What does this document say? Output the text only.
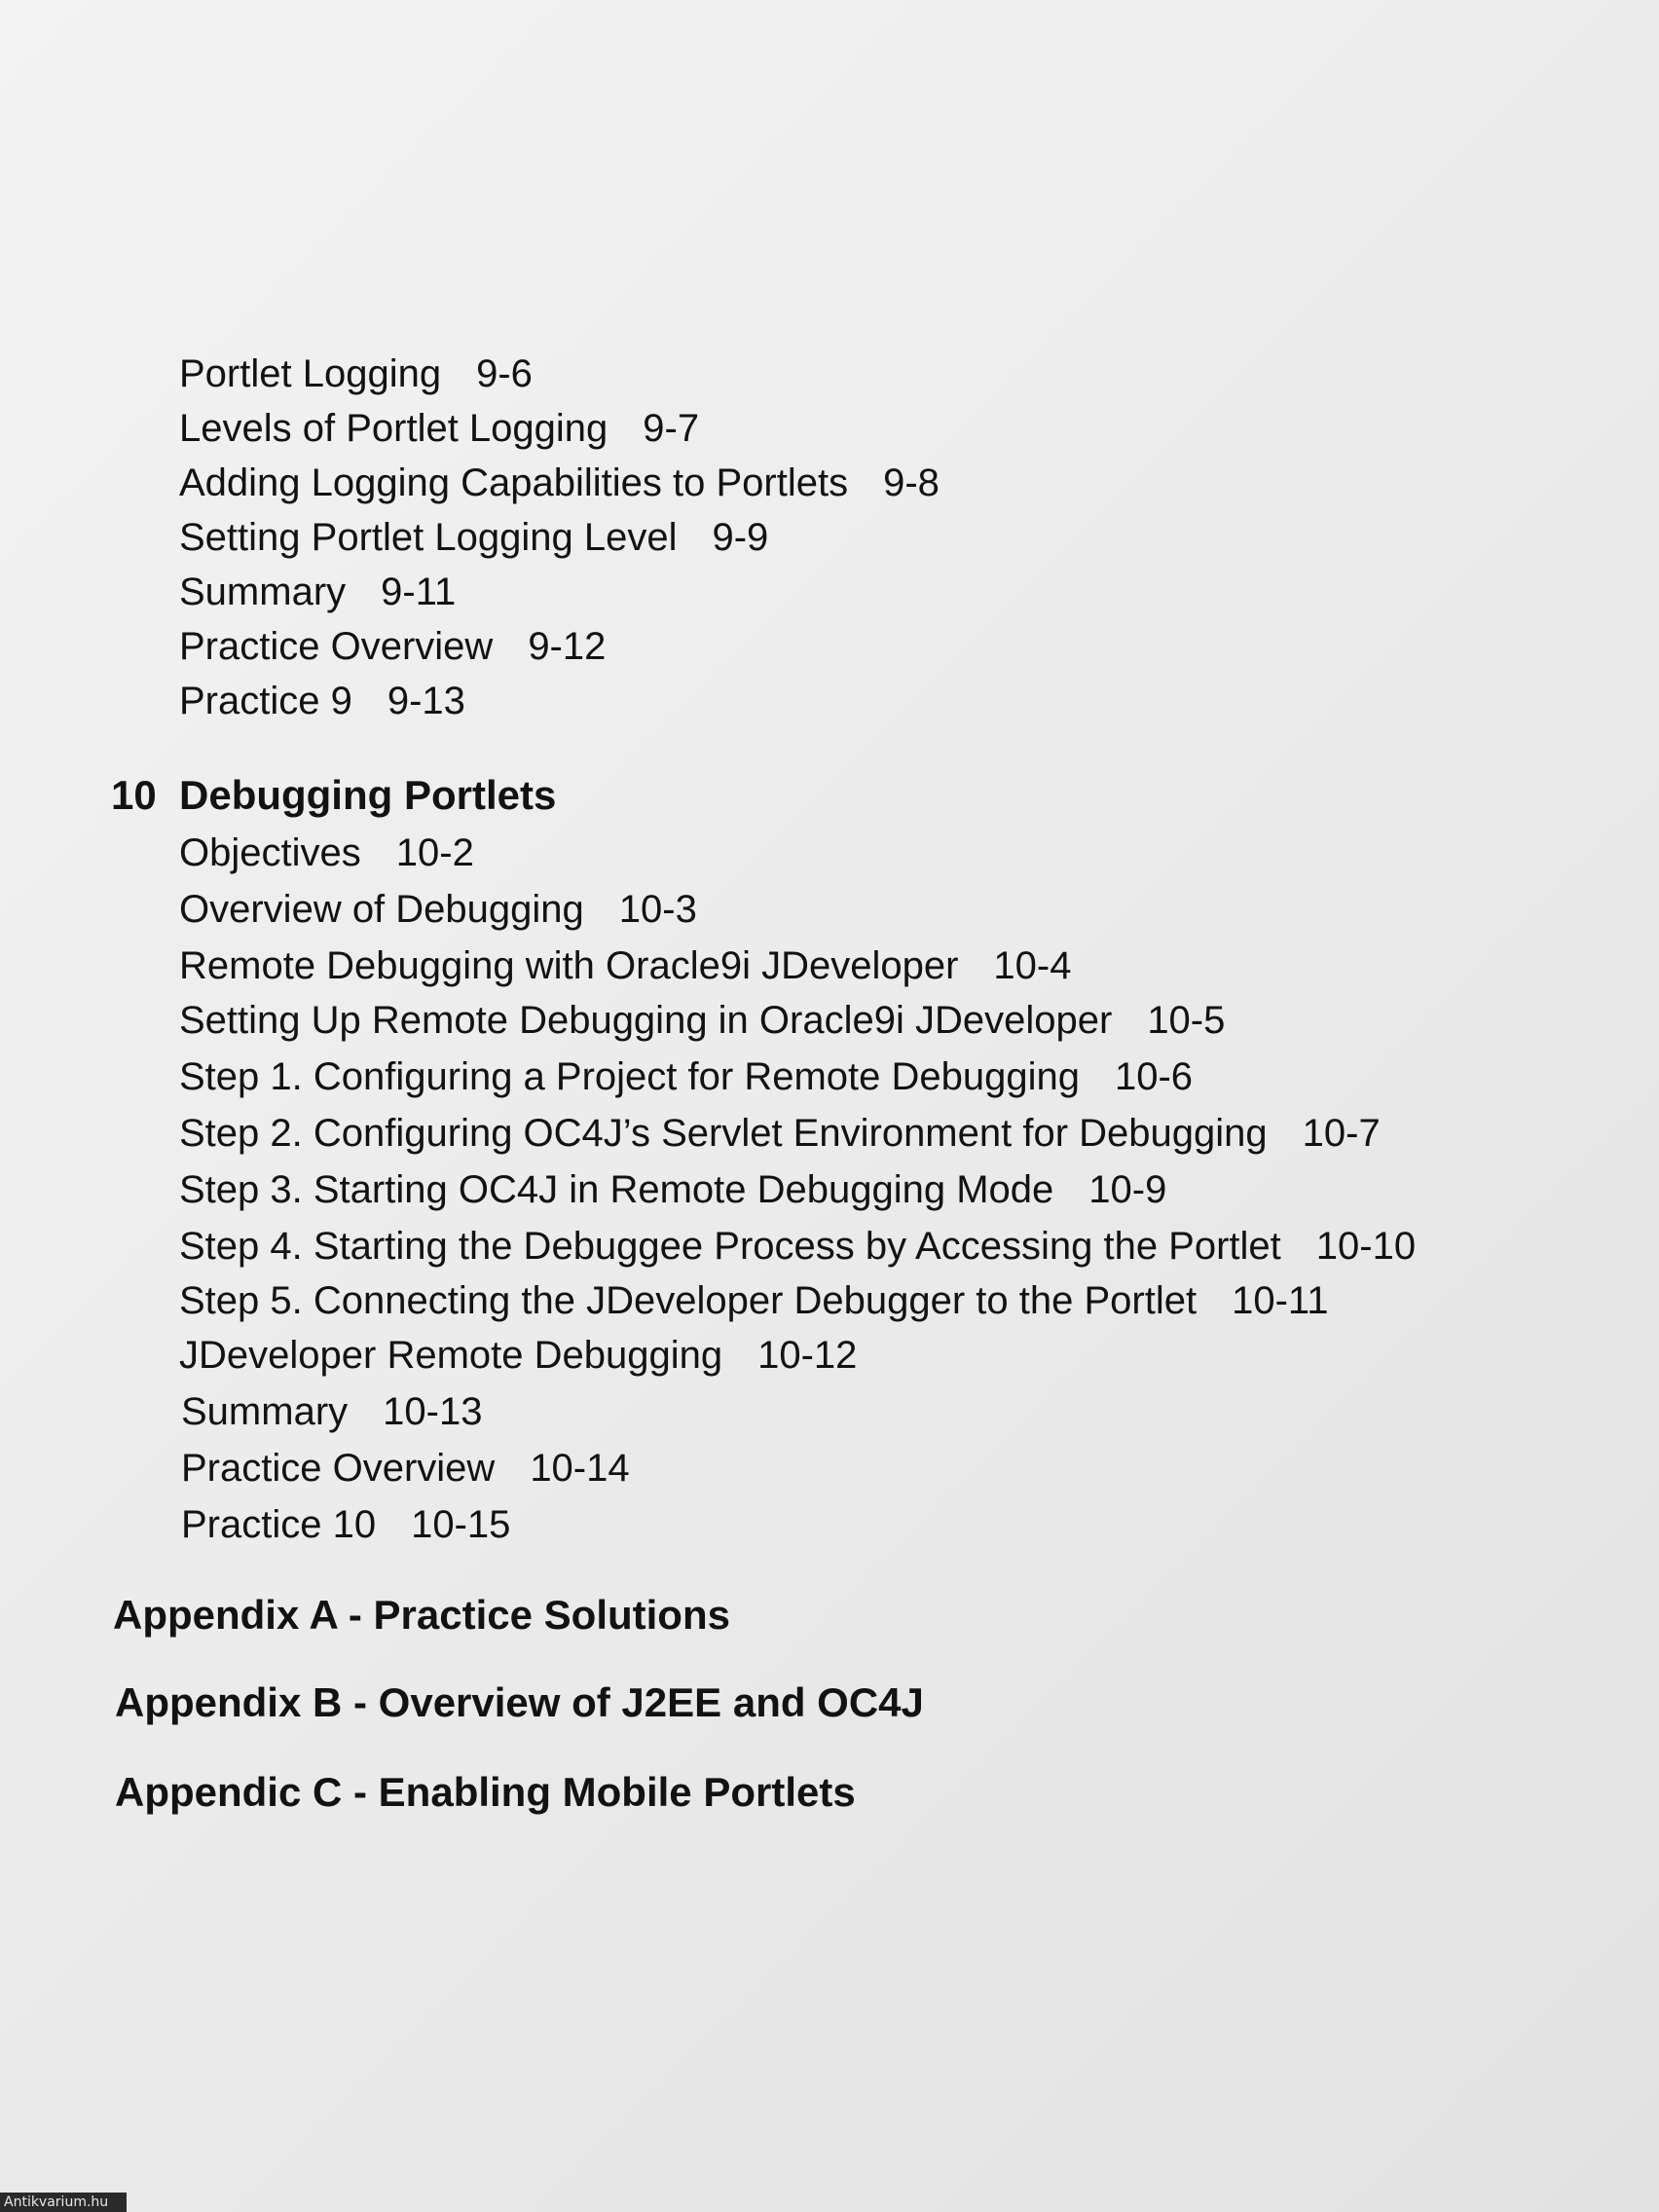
Portlet Logging 9-6
Levels of Portlet Logging 9-7
Adding Logging Capabilities to Portlets 9-8
Setting Portlet Logging Level 9-9
Summary 9-11
Practice Overview 9-12
Practice 9 9-13
10 Debugging Portlets
Objectives 10-2
Overview of Debugging 10-3
Remote Debugging with Oracle9i JDeveloper 10-4
Setting Up Remote Debugging in Oracle9i JDeveloper 10-5
Step 1. Configuring a Project for Remote Debugging 10-6
Step 2. Configuring OC4J’s Servlet Environment for Debugging 10-7
Step 3. Starting OC4J in Remote Debugging Mode 10-9
Step 4. Starting the Debuggee Process by Accessing the Portlet 10-10
Step 5. Connecting the JDeveloper Debugger to the Portlet 10-11
JDeveloper Remote Debugging 10-12
Summary 10-13
Practice Overview 10-14
Practice 10 10-15
Appendix A - Practice Solutions
Appendix B - Overview of J2EE and OC4J
Appendic C - Enabling Mobile Portlets
Antikvarium.hu
